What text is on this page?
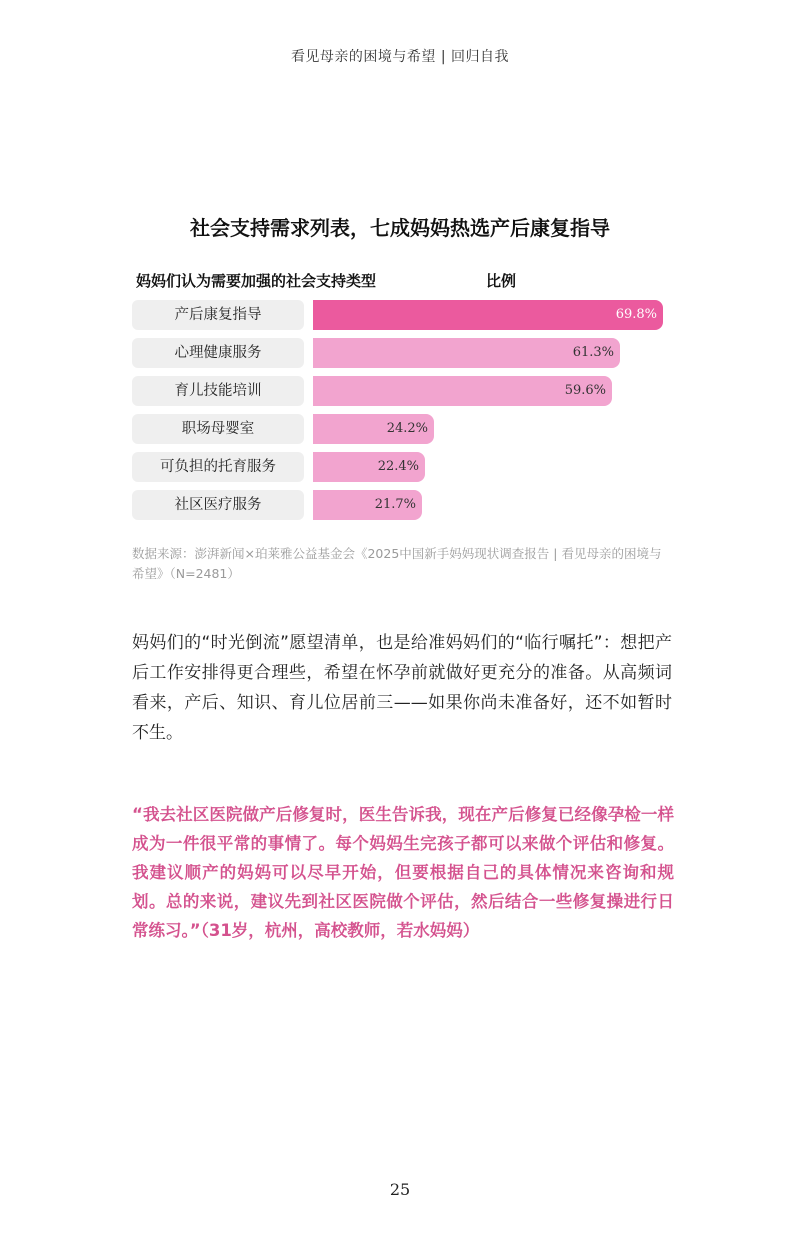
看见母亲的困境与希望 | 回归自我
社会支持需求列表，七成妈妈热选产后康复指导
妈妈们认为需要加强的社会支持类型	比例
产后康复指导	69.8%
心理健康服务	61.3%
育儿技能培训	59.6%
职场母婴室	24.2%
可负担的托育服务	22.4%
社区医疗服务	21.7%
数据来源：澎湃新闻×珀莱雅公益基金会《2025中国新手妈妈现状调查报告 | 看见母亲的困境与希望》（N=2481）
妈妈们的“时光倒流”愿望清单，也是给准妈妈们的“临行嘱托”：想把产后工作安排得更合理些，希望在怀孕前就做好更充分的准备。从高频词看来，产后、知识、育儿位居前三——如果你尚未准备好，还不如暂时不生。
“我去社区医院做产后修复时，医生告诉我，现在产后修复已经像孕检一样成为一件很平常的事情了。每个妈妈生完孩子都可以来做个评估和修复。我建议顺产的妈妈可以尽早开始，但要根据自己的具体情况来咨询和规划。总的来说，建议先到社区医院做个评估，然后结合一些修复操进行日常练习。”（31岁，杭州，高校教师，若水妈妈）
25
